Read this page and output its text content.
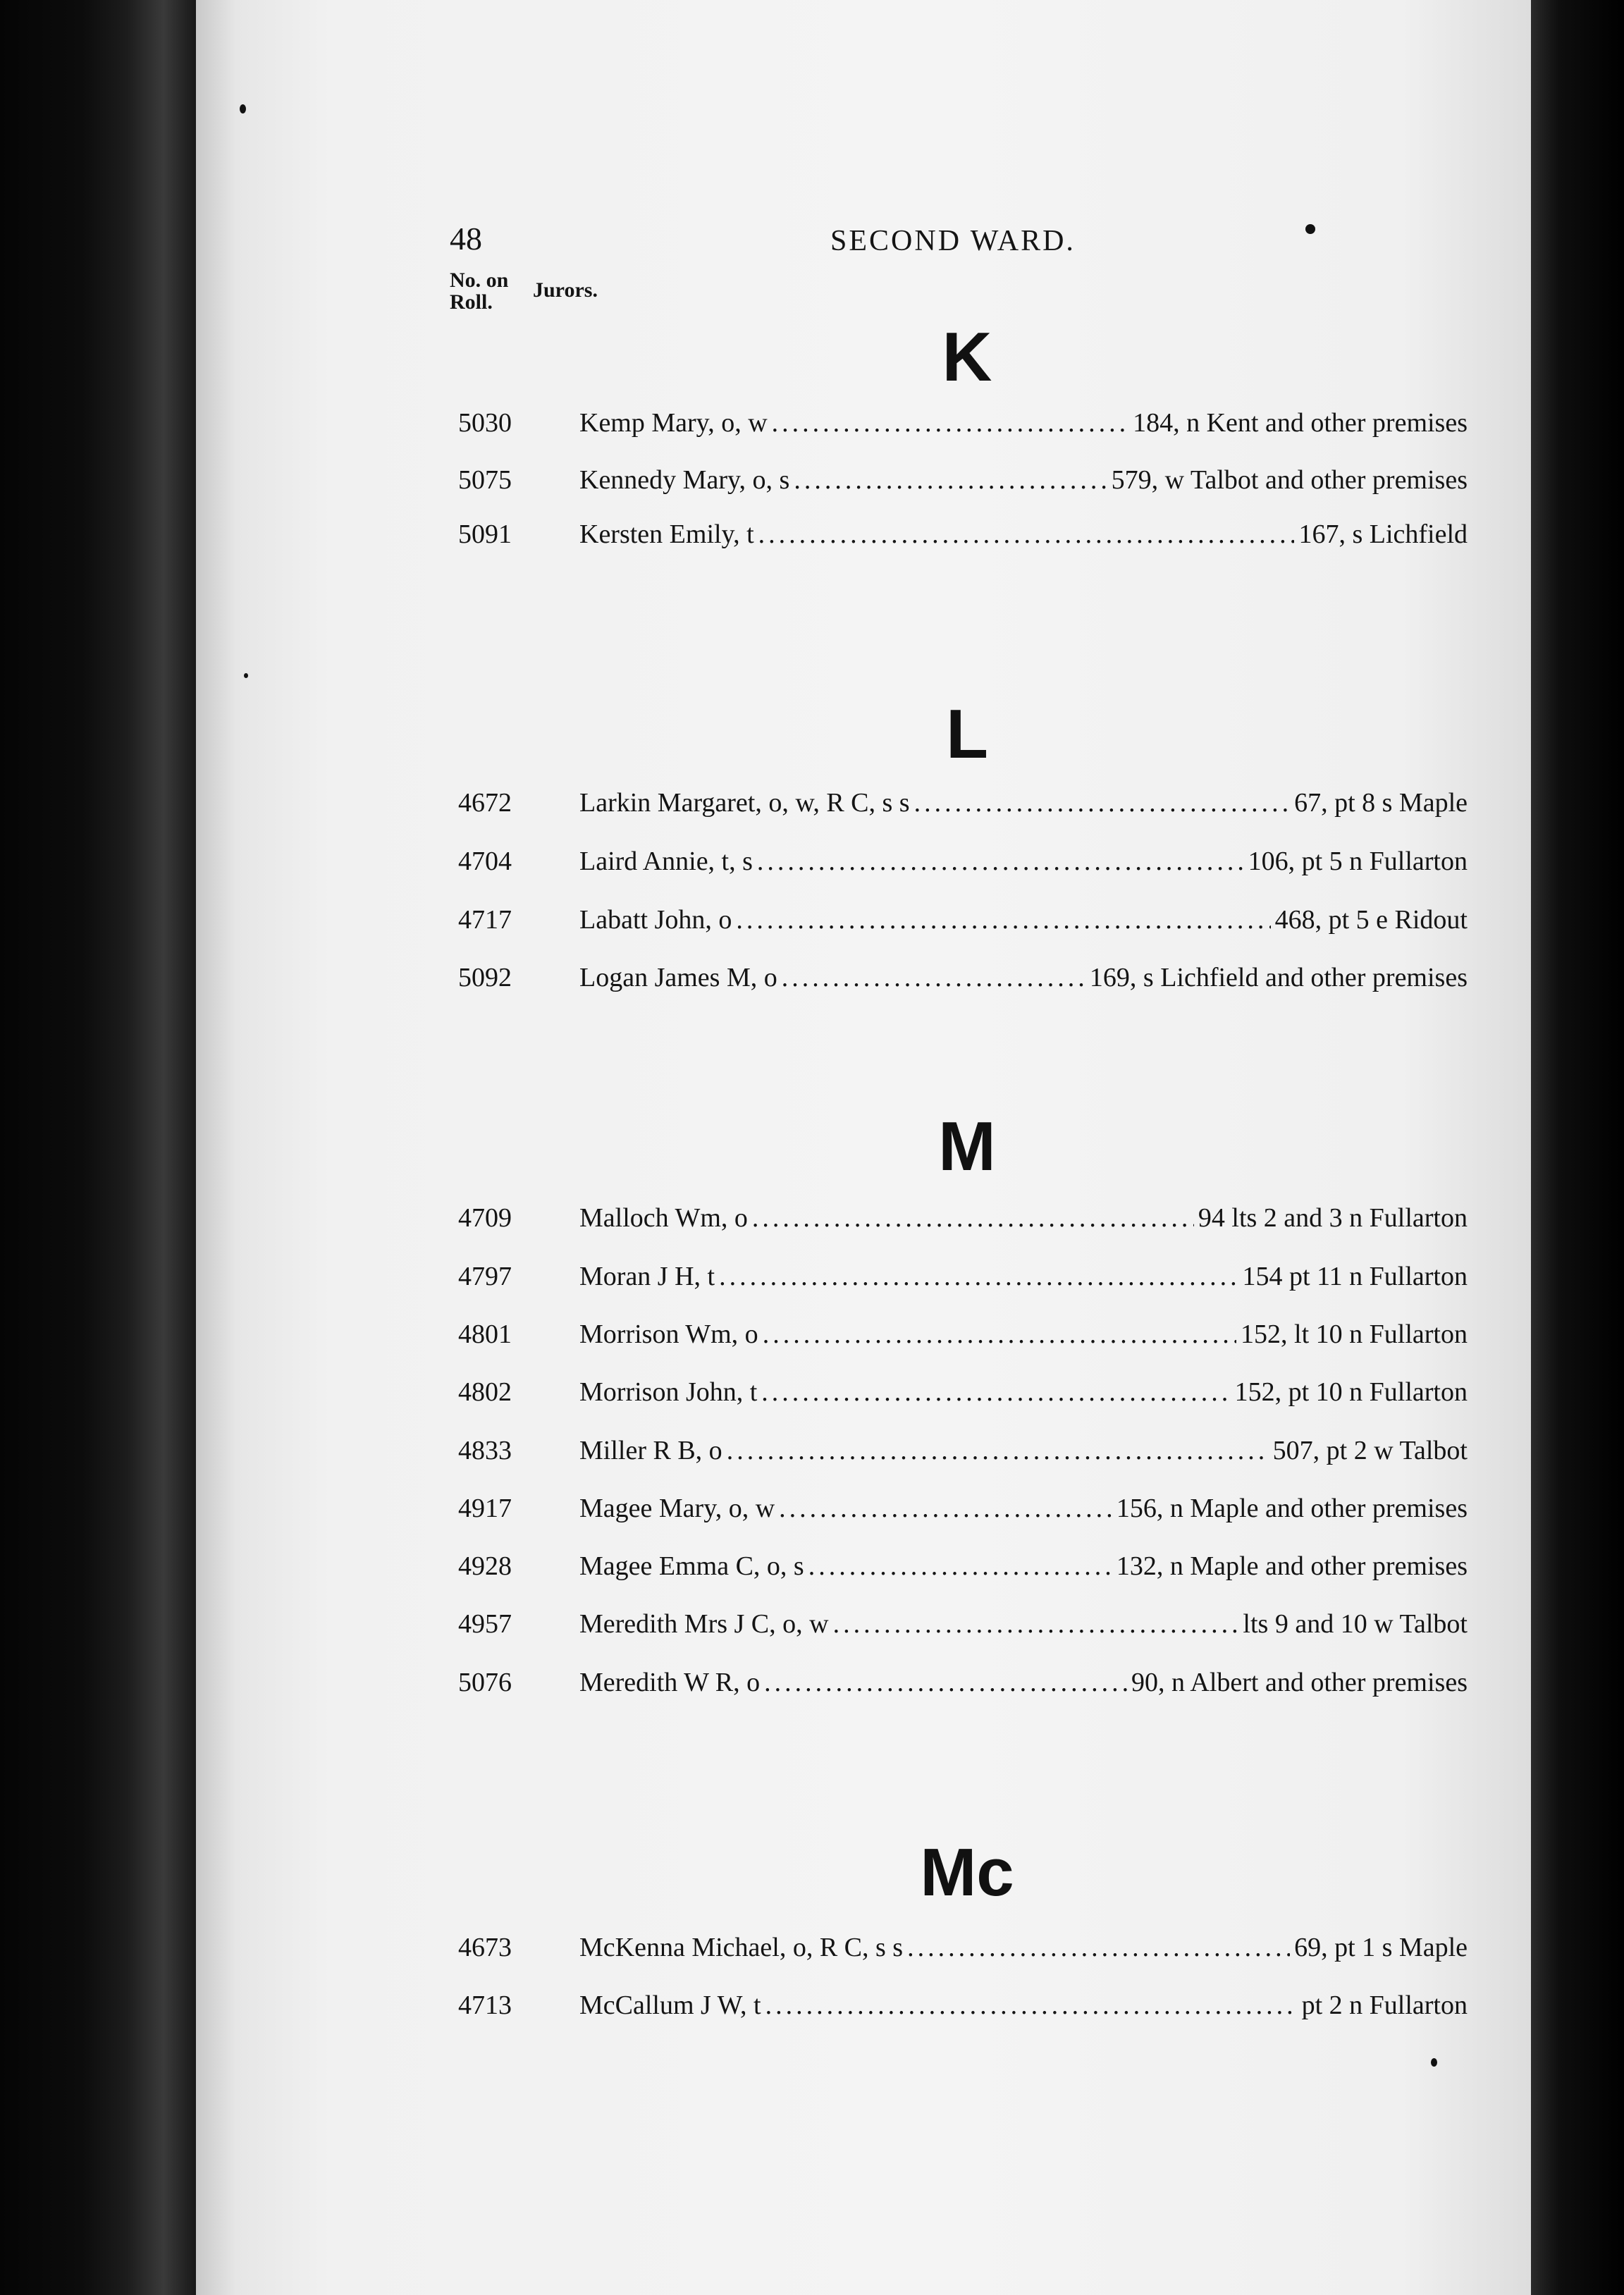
48	SECOND WARD.
No. on
Roll.
Jurors.
K
5030	Kemp Mary, o, w .....	184, n Kent and other premises
5075	Kennedy Mary, o, s .....	579, w Talbot and other premises
5091	Kersten Emily, t .....	167, s Lichfield
L
4672	Larkin Margaret, o, w, R C, s s .....	67, pt 8 s Maple
4704	Laird Annie, t, s .....	106, pt 5 n Fullarton
4717	Labatt John, o .....	468, pt 5 e Ridout
5092	Logan James M, o .....	169, s Lichfield and other premises
M
4709	Malloch Wm, o .....	94 lts 2 and 3 n Fullarton
4797	Moran J H, t .....	154 pt 11 n Fullarton
4801	Morrison Wm, o .....	152, lt 10 n Fullarton
4802	Morrison John, t .....	152, pt 10 n Fullarton
4833	Miller R B, o .....	507, pt 2 w Talbot
4917	Magee Mary, o, w .....	156, n Maple and other premises
4928	Magee Emma C, o, s .....	132, n Maple and other premises
4957	Meredith Mrs J C, o, w .....	lts 9 and 10 w Talbot
5076	Meredith W R, o .....	90, n Albert and other premises
Mc
4673	McKenna Michael, o, R C, s s .....	69, pt 1 s Maple
4713	McCallum J W, t .....	pt 2 n Fullarton
